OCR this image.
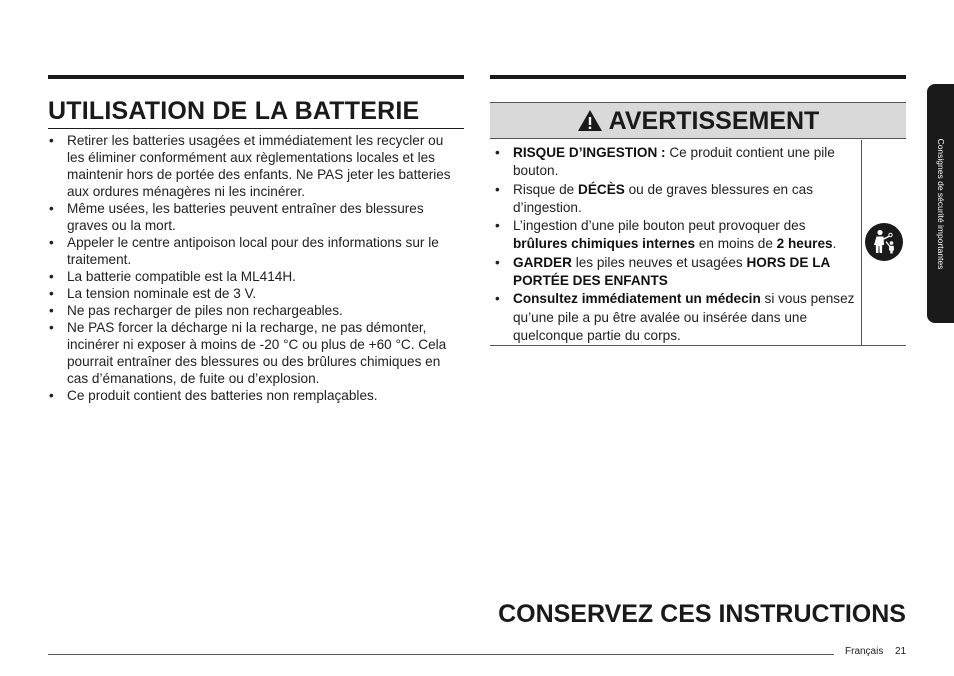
UTILISATION DE LA BATTERIE
• Retirer les batteries usagées et immédiatement les recycler ou les éliminer conformément aux règlementations locales et les maintenir hors de portée des enfants. Ne PAS jeter les batteries aux ordures ménagères ni les incinérer.
• Même usées, les batteries peuvent entraîner des blessures graves ou la mort.
• Appeler le centre antipoison local pour des informations sur le traitement.
• La batterie compatible est la ML414H.
• La tension nominale est de 3 V.
• Ne pas recharger de piles non rechargeables.
• Ne PAS forcer la décharge ni la recharge, ne pas démonter, incinérer ni exposer à moins de -20 °C ou plus de +60 °C. Cela pourrait entraîner des blessures ou des brûlures chimiques en cas d’émanations, de fuite ou d’explosion.
• Ce produit contient des batteries non remplaçables.
AVERTISSEMENT
• RISQUE D’INGESTION : Ce produit contient une pile bouton.
• Risque de DÉCÈS ou de graves blessures en cas d’ingestion.
• L’ingestion d’une pile bouton peut provoquer des brûlures chimiques internes en moins de 2 heures.
• GARDER les piles neuves et usagées HORS DE LA PORTÉE DES ENFANTS
• Consultez immédiatement un médecin si vous pensez qu’une pile a pu être avalée ou insérée dans une quelconque partie du corps.
Consignes de sécurité importantes
CONSERVEZ CES INSTRUCTIONS
Français 21
